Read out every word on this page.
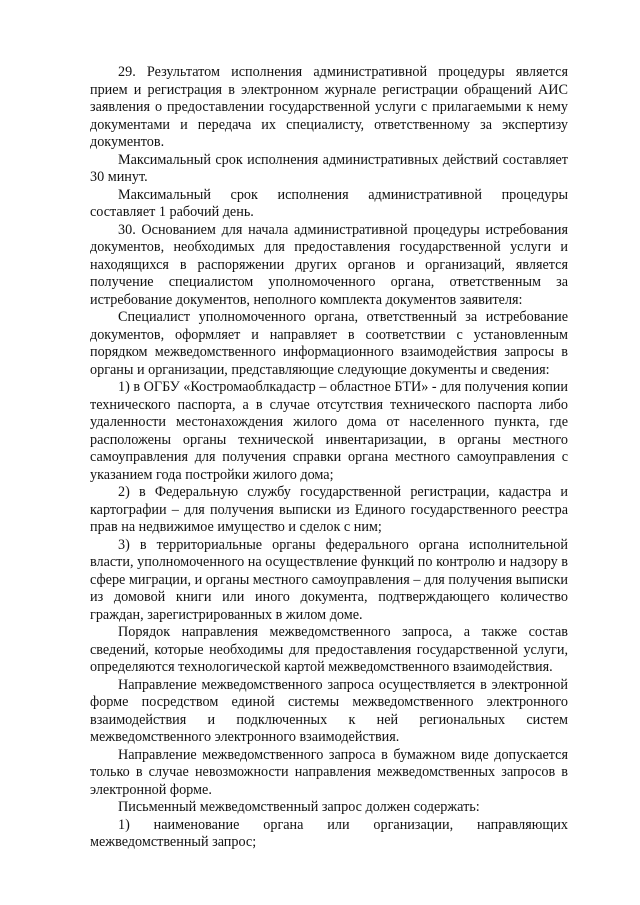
29. Результатом исполнения административной процедуры является прием и регистрация в электронном журнале регистрации обращений АИС заявления о предоставлении государственной услуги с прилагаемыми к нему документами и передача их специалисту, ответственному за экспертизу документов.

Максимальный срок исполнения административных действий составляет 30 минут.

Максимальный срок исполнения административной процедуры составляет 1 рабочий день.

30. Основанием для начала административной процедуры истребования документов, необходимых для предоставления государственной услуги и находящихся в распоряжении других органов и организаций, является получение специалистом уполномоченного органа, ответственным за истребование документов, неполного комплекта документов заявителя:

Специалист уполномоченного органа, ответственный за истребование документов, оформляет и направляет в соответствии с установленным порядком межведомственного информационного взаимодействия запросы в органы и организации, представляющие следующие документы и сведения:

1) в ОГБУ «Костромаоблкадастр – областное БТИ» - для получения копии технического паспорта, а в случае отсутствия технического паспорта либо удаленности местонахождения жилого дома от населенного пункта, где расположены органы технической инвентаризации, в органы местного самоуправления для получения справки органа местного самоуправления с указанием года постройки жилого дома;

2) в Федеральную службу государственной регистрации, кадастра и картографии – для получения выписки из Единого государственного реестра прав на недвижимое имущество и сделок с ним;

3) в территориальные органы федерального органа исполнительной власти, уполномоченного на осуществление функций по контролю и надзору в сфере миграции, и органы местного самоуправления – для получения выписки из домовой книги или иного документа, подтверждающего количество граждан, зарегистрированных в жилом доме.

Порядок направления межведомственного запроса, а также состав сведений, которые необходимы для предоставления государственной услуги, определяются технологической картой межведомственного взаимодействия.

Направление межведомственного запроса осуществляется в электронной форме посредством единой системы межведомственного электронного взаимодействия и подключенных к ней региональных систем межведомственного электронного взаимодействия.

Направление межведомственного запроса в бумажном виде допускается только в случае невозможности направления межведомственных запросов в электронной форме.

Письменный межведомственный запрос должен содержать:

1) наименование органа или организации, направляющих межведомственный запрос;
